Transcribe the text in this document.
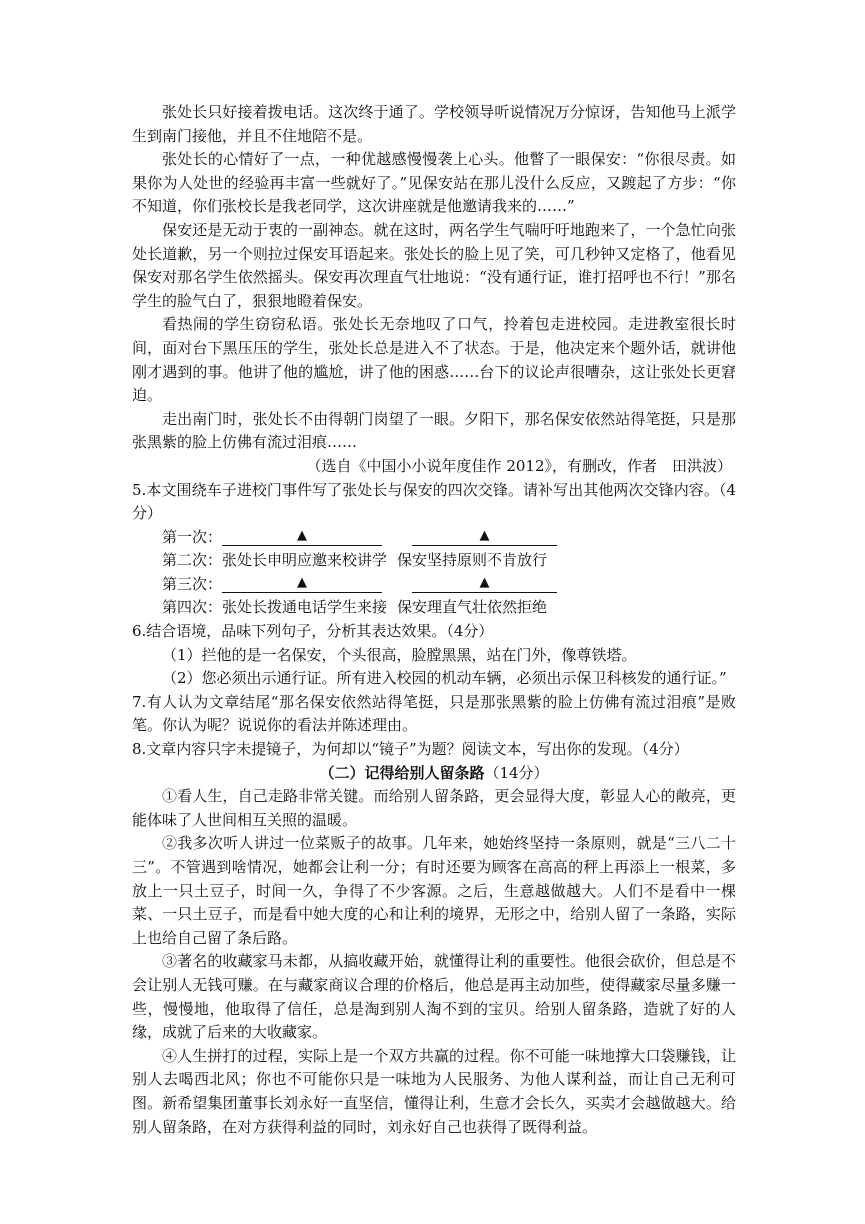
张处长只好接着拨电话。这次终于通了。学校领导听说情况万分惊讶，告知他马上派学生到南门接他，并且不住地陪不是。

张处长的心情好了一点，一种优越感慢慢袭上心头。他瞥了一眼保安：“你很尽责。如果你为人处世的经验再丰富一些就好了。”见保安站在那儿没什么反应，又踱起了方步：“你不知道，你们张校长是我老同学，这次讲座就是他邀请我来的……”

保安还是无动于衷的一副神态。就在这时，两名学生气喘吁吁地跑来了，一个急忙向张处长道歉，另一个则拉过保安耳语起来。张处长的脸上见了笑，可几秒钟又定格了，他看见保安对那名学生依然摇头。保安再次理直气壮地说：“没有通行证，谁打招呼也不行！”那名学生的脸气白了，狠狠地瞪着保安。

看热闹的学生窃窃私语。张处长无奈地叹了口气，拎着包走进校园。走进教室很长时间，面对台下黑压压的学生，张处长总是进入不了状态。于是，他决定来个题外话，就讲他刚才遇到的事。他讲了他的尴尬，讲了他的困惑……台下的议论声很嘈杂，这让张处长更窘迫。

走出南门时，张处长不由得朝门岗望了一眼。夕阳下，那名保安依然站得笔挺，只是那张黑紫的脸上仿佛有流过泪痕……

（选自《中国小小说年度佳作 2012》，有删改，作者　田洪波）

5.本文围绕车子进校门事件写了张处长与保安的四次交锋。请补写出其他两次交锋内容。（4分）

第一次：	▲	▲
第二次：张处长申明应邀来校讲学 保安坚持原则不肯放行
第三次：	▲	▲
第四次：张处长拨通电话学生来接 保安理直气壮依然拒绝

6.结合语境，品味下列句子，分析其表达效果。（4分）

（1）拦他的是一名保安，个头很高，脸膛黑黑，站在门外，像尊铁塔。

（2）您必须出示通行证。所有进入校园的机动车辆，必须出示保卫科核发的通行证。”

7.有人认为文章结尾“那名保安依然站得笔挺，只是那张黑紫的脸上仿佛有流过泪痕”是败笔。你认为呢？说说你的看法并陈述理由。

8.文章内容只字未提镜子，为何却以“镜子”为题？阅读文本，写出你的发现。（4分）

（二）记得给别人留条路（14分）

①看人生，自己走路非常关键。而给别人留条路，更会显得大度，彰显人心的敞亮，更能体味了人世间相互关照的温暖。

②我多次听人讲过一位菜贩子的故事。几年来，她始终坚持一条原则，就是“三八二十三”。不管遇到啥情况，她都会让利一分；有时还要为顾客在高高的秤上再添上一根菜，多放上一只土豆子，时间一久，争得了不少客源。之后，生意越做越大。人们不是看中一棵菜、一只土豆子，而是看中她大度的心和让利的境界，无形之中，给别人留了一条路，实际上也给自己留了条后路。

③著名的收藏家马未都，从搞收藏开始，就懂得让利的重要性。他很会砍价，但总是不会让别人无钱可赚。在与藏家商议合理的价格后，他总是再主动加些，使得藏家尽量多赚一些，慢慢地，他取得了信任，总是淘到别人淘不到的宝贝。给别人留条路，造就了好的人缘，成就了后来的大收藏家。

④人生拼打的过程，实际上是一个双方共赢的过程。你不可能一味地撑大口袋赚钱，让别人去喝西北风；你也不可能你只是一味地为人民服务、为他人谋利益，而让自己无利可图。新希望集团董事长刘永好一直坚信，懂得让利，生意才会长久，买卖才会越做越大。给别人留条路，在对方获得利益的同时，刘永好自己也获得了既得利益。
